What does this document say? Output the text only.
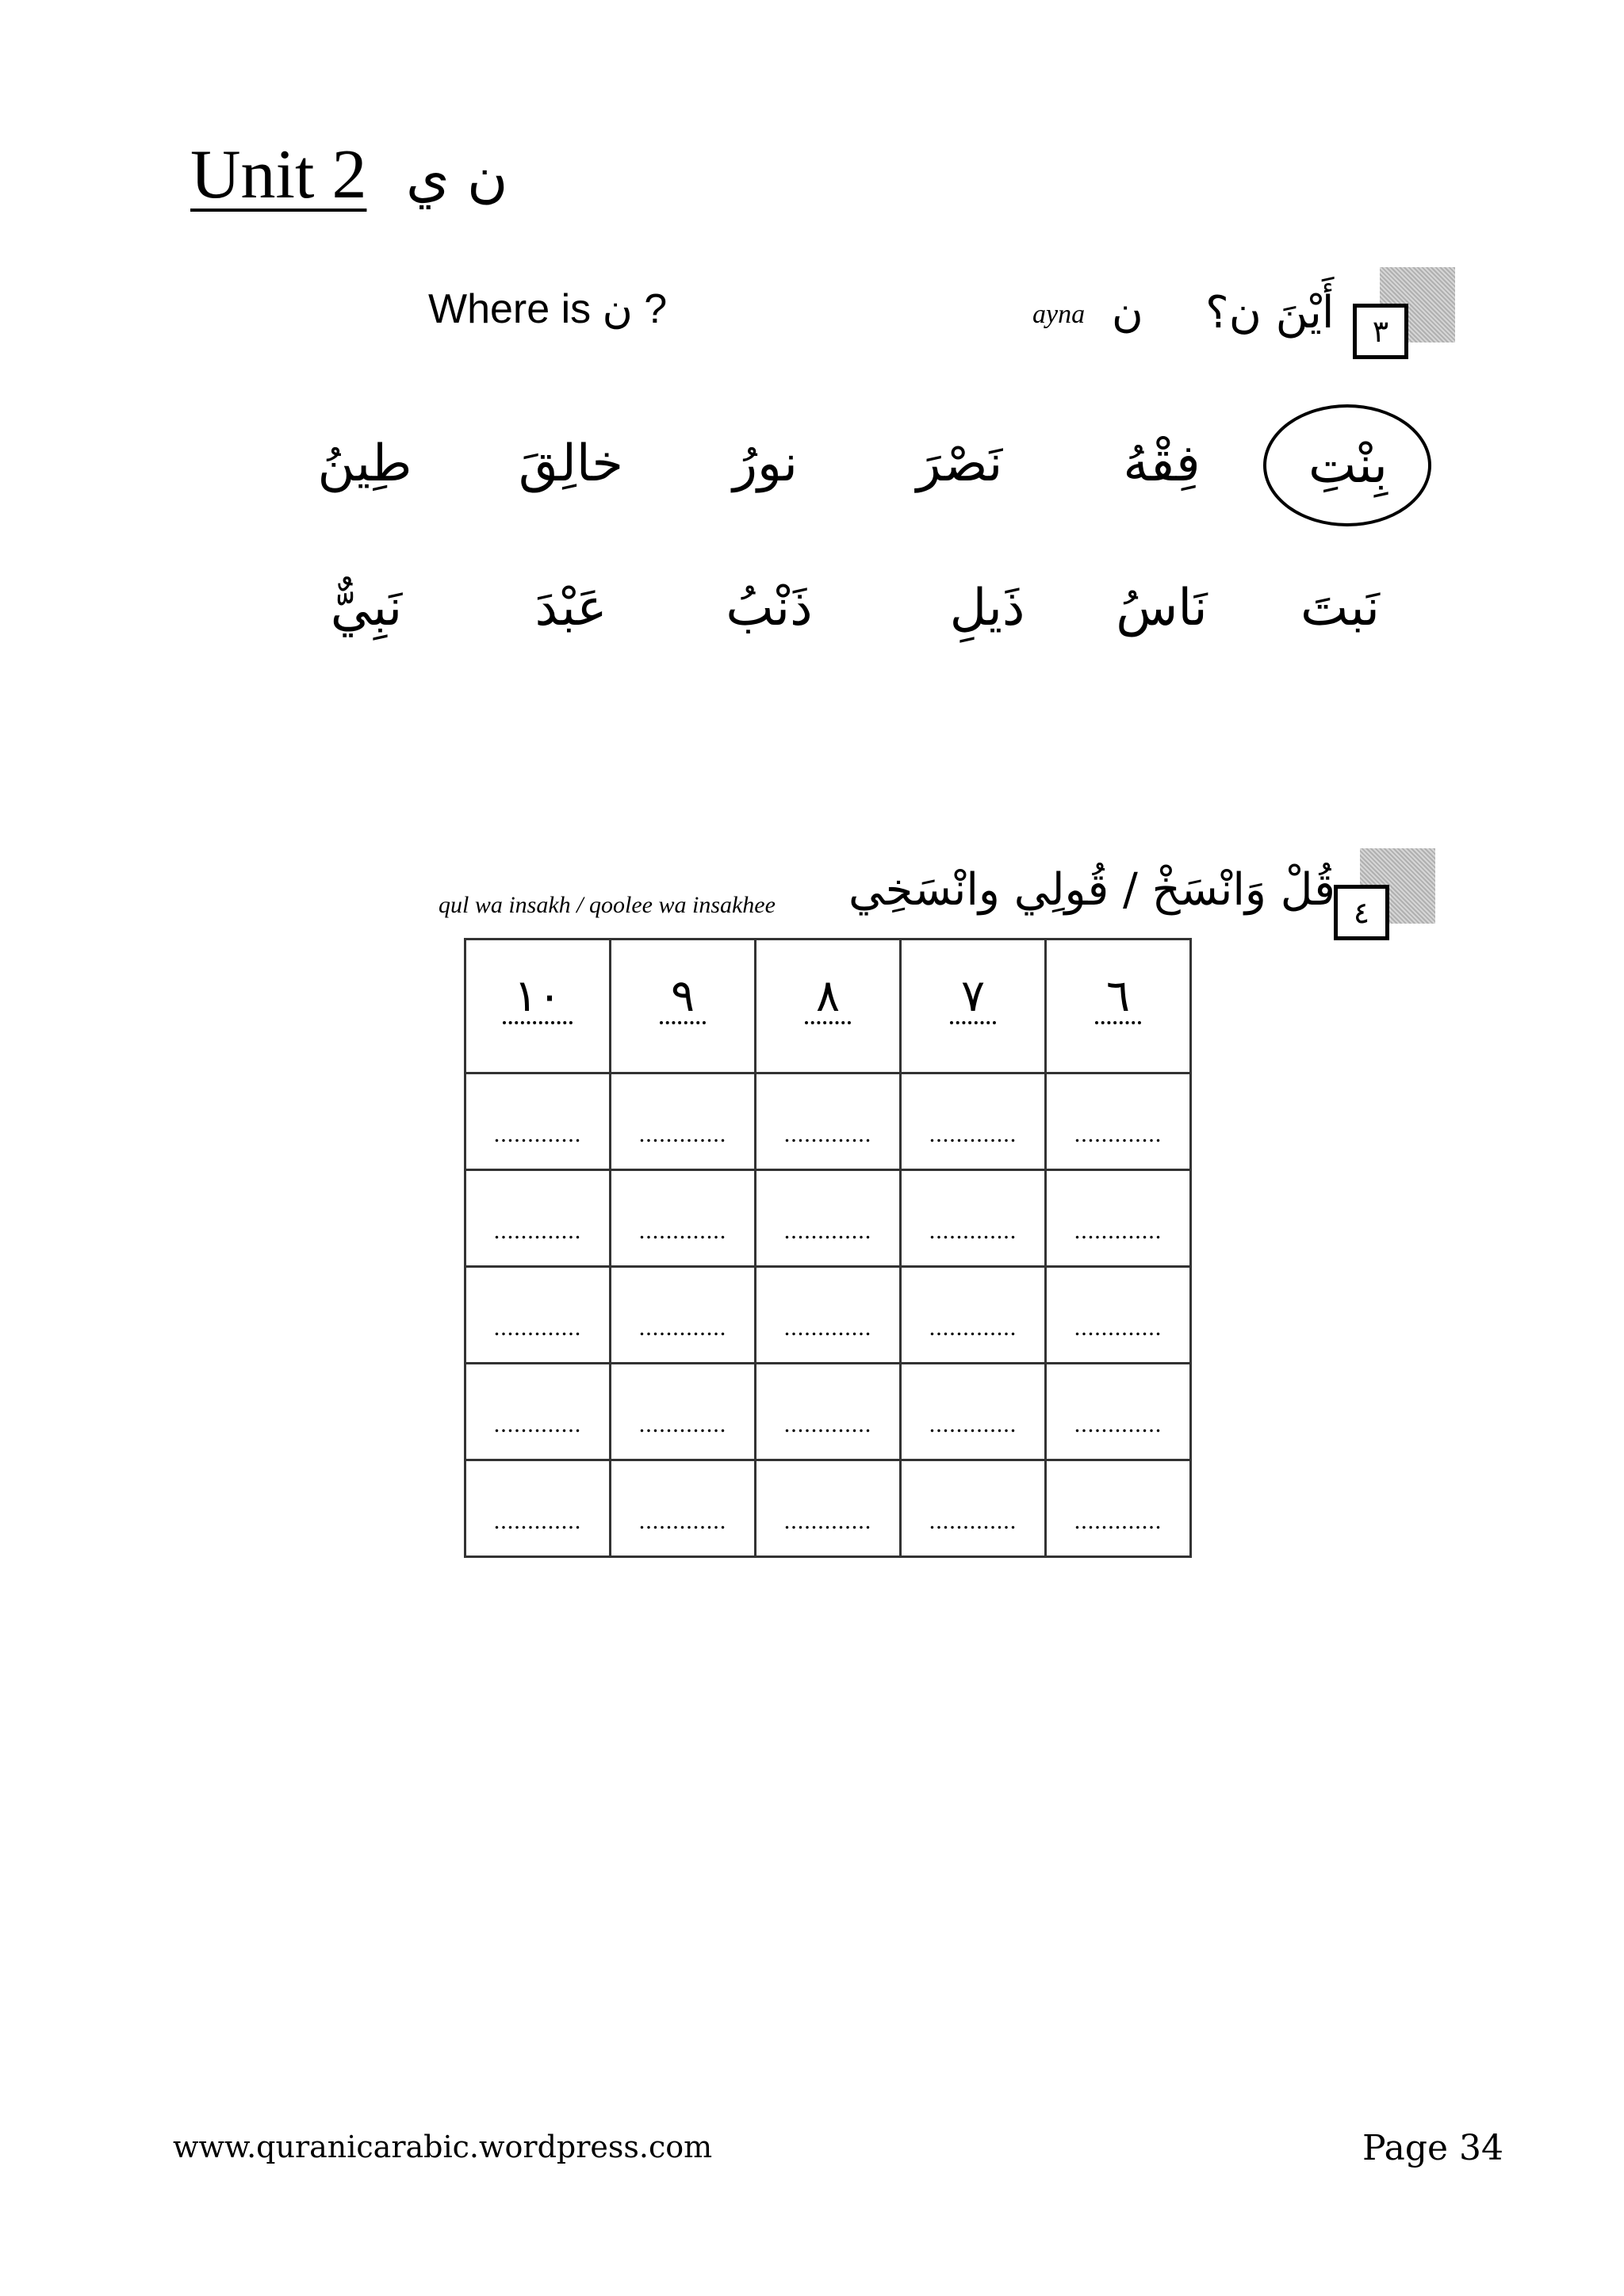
Unit 2 ن ي
٣
أَيْنَ ن؟
ن
ayna
Where is ن ?
بِنْتِ
فِقْهُ
نَصْرَ
نورُ
خالِقَ
طِينُ
نَبتَ
نَاسُ
ذَيلِ
ذَنْبُ
عَبْدَ
نَبِيٌّ
٤
قُلْ وَانْسَخْ / قُولِي وانْسَخِي
qul wa insakh / qoolee wa insakhee
١٠	٩	٨	٧	٦
.............	.............	.............	.............	.............
.............	.............	.............	.............	.............
.............	.............	.............	.............	.............
.............	.............	.............	.............	.............
.............	.............	.............	.............	.............
www.quranicarabic.wordpress.com	Page 34
